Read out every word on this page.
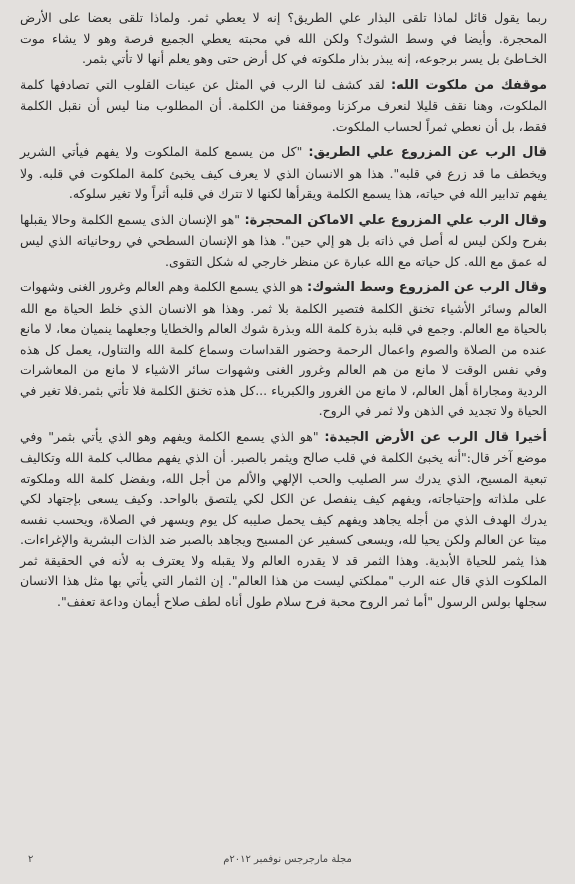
ربما يقول قائل لماذا تلقى البذار علي الطريق؟ إنه لا يعطي ثمر. ولماذا تلقى بعضا على الأرض المحجرة. وأيضا في وسط الشوك؟ ولكن الله في محبته يعطي الجميع فرصة وهو لا يشاء موت الخـاطئ بل يسر برجوعه، إنه يبذر بذار ملكوته في كل أرض حتى وهو يعلم أنها لا تأتي بثمر.

موقفك من ملكوت الله: لقد كشف لنا الرب في المثل عن عينات القلوب التي تصادفها كلمة الملكوت، وهنا نقف قليلا لنعرف مركزنا وموقفنا من الكلمة. أن المطلوب منا ليس أن نقبل الكلمة فقط، بل أن نعطي ثمراً لحساب الملكوت.

قال الرب عن المزروع علي الطريق: "كل من يسمع كلمة الملكوت ولا يفهم فيأتي الشرير ويخطف ما قد زرع في قلبه". هذا هو الانسان الذي لا يعرف كيف يخبئ كلمة الملكوت في قلبه. ولا يفهم تدابير الله في حياته، هذا يسمع الكلمة ويقرأها لكنها لا تترك في قلبه أثراً ولا تغير سلوكه.

وقال الرب علي المزروع علي الاماكن المحجرة: "هو الإنسان الذى يسمع الكلمة وحالا يقبلها بفرح ولكن ليس له أصل في ذاته بل هو إلي حين". هذا هو الإنسان السطحي في روحانياته الذي ليس له عمق مع الله. كل حياته مع الله عبارة عن منظر خارجي له شكل التقوى.

وقال الرب عن المزروع وسط الشوك: هو الذي يسمع الكلمة وهم العالم وغرور الغنى وشهوات العالم وسائر الأشياء تخنق الكلمة فتصير الكلمة بلا ثمر. وهذا هو الانسان الذي خلط الحياة مع الله بالحياة مع العالم. وجمع في قلبه بذرة كلمة الله وبذرة شوك العالم والخطايا وجعلهما ينميان معا، لا مانع عنده من الصلاة والصوم واعمال الرحمة وحضور القداسات وسماع كلمة الله والتناول، يعمل كل هذه وفي نفس الوقت لا مانع من هم العالم وغرور الغنى وشهوات سائر الاشياء لا مانع من المعاشرات الردية ومجاراة أهل العالم، لا مانع من الغرور والكبرياء ...كل هذه تخنق الكلمة فلا تأتي بثمر.فلا تغير في الحياة ولا تجديد في الذهن ولا ثمر في الروح.

أخيرا قال الرب عن الأرض الجيدة: "هو الذي يسمع الكلمة ويفهم وهو الذي يأتي بثمر" وفي موضع آخر قال:"أنه يخبئ الكلمة في قلب صالح ويثمر بالصبر. أن الذي يفهم مطالب كلمة الله وتكاليف تبعية المسيح، الذي يدرك سر الصليب والحب الإلهي والألم من أجل الله، وبفضل كلمة الله وملكوته على ملذاته وإحتياجاته، ويفهم كيف ينفصل عن الكل لكي يلتصق بالواحد. وكيف يسعى بإجتهاد لكي يدرك الهدف الذي من أجله يجاهد ويفهم كيف يحمل صليبه كل يوم ويسهر في الصلاة، ويحسب نفسه ميتا عن العالم ولكن يحيا لله، ويسعى كسفير عن المسيح ويجاهد بالصبر ضد الذات البشرية والإغراءات. هذا يثمر للحياة الأبدية. وهذا الثمر قد لا يقدره العالم ولا يقبله ولا يعترف به لأنه في الحقيقة ثمر الملكوت الذي قال عنه الرب "مملكتي ليست من هذا العالم". إن الثمار التي يأتي بها مثل هذا الانسان سجلها بولس الرسول "أما ثمر الروح محبة فرح سلام طول أناه لطف صلاح أيمان وداعة تعفف".

٢	مجلة مارجرجس نوفمبر ٢٠١٢م
